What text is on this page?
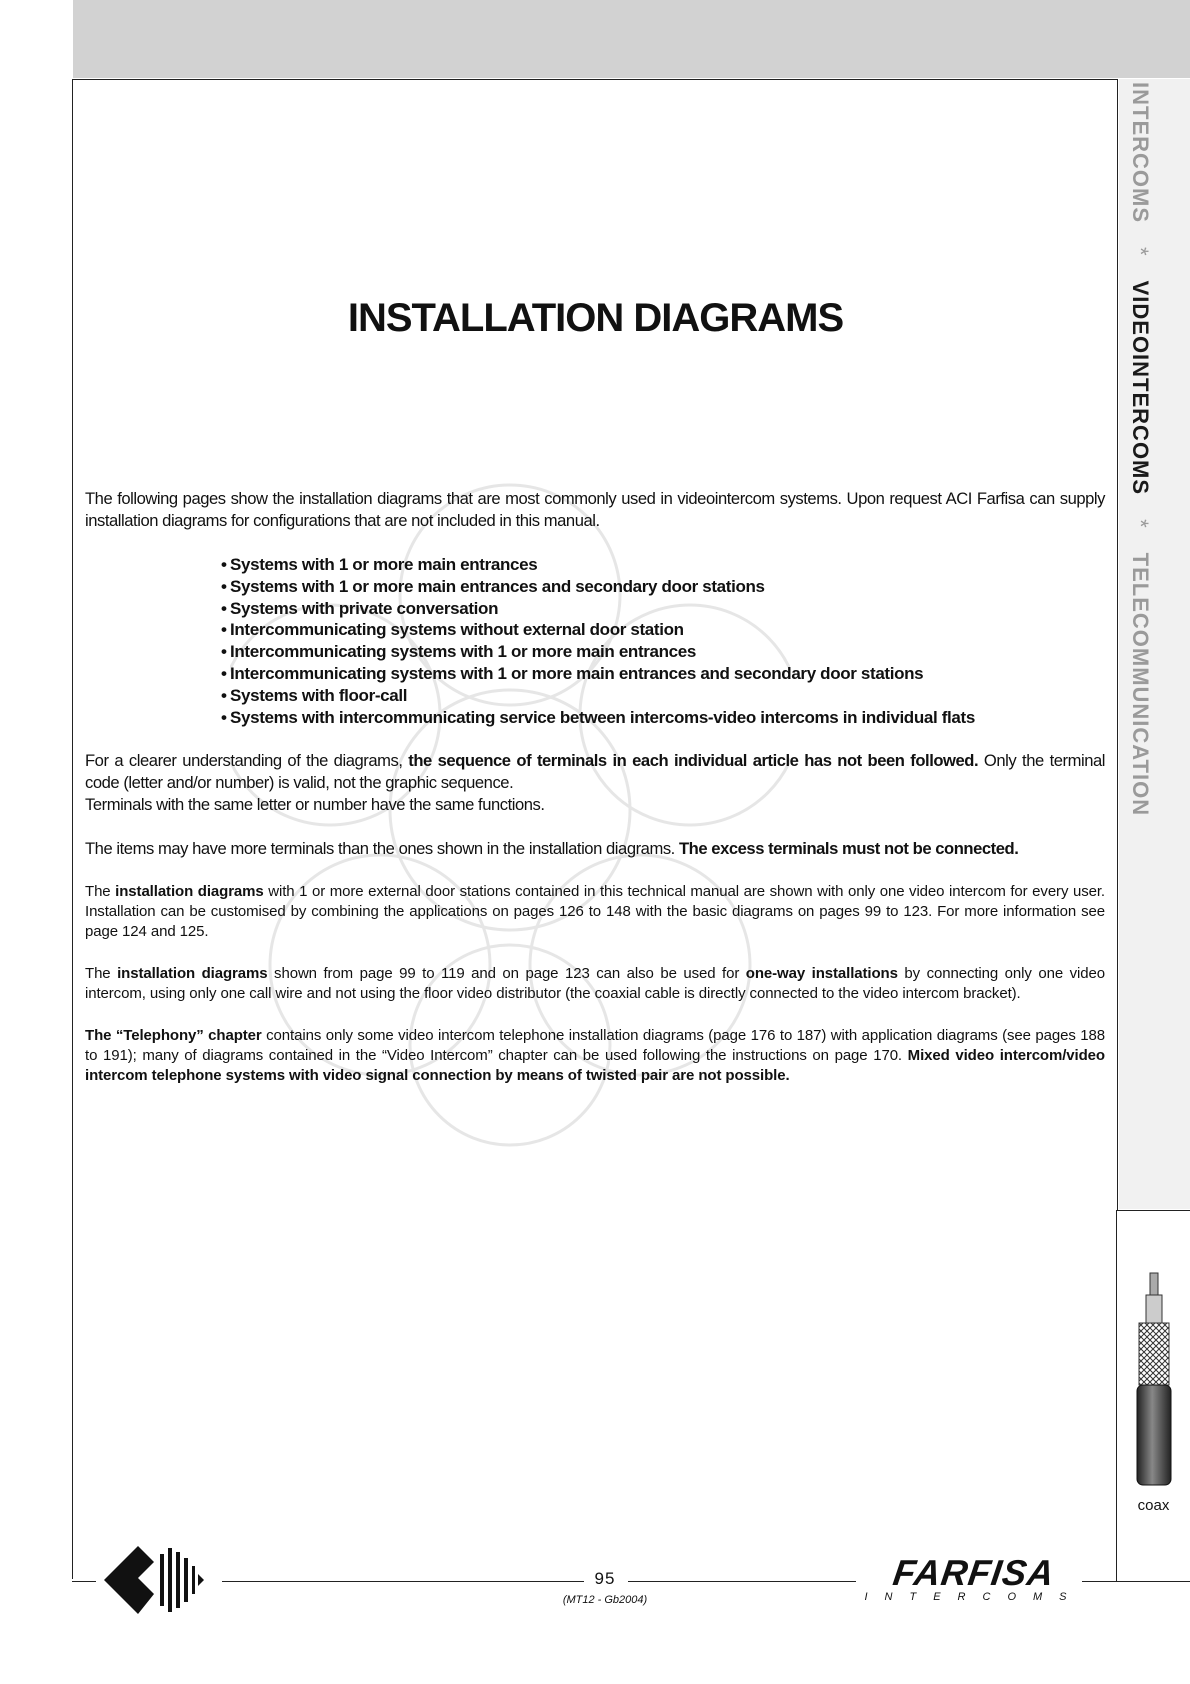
INTERCOMS*VIDEOINTERCOMS*TELECOMMUNICATION
INSTALLATION DIAGRAMS

The following pages show the installation diagrams that are most commonly used in videointercom systems. Upon request ACI Farfisa can supply installation diagrams for configurations that are not included in this manual.

• Systems with 1 or more main entrances
• Systems with 1 or more main entrances and secondary door stations
• Systems with private conversation
• Intercommunicating systems without external door station
• Intercommunicating systems with 1 or more main entrances
• Intercommunicating systems with 1 or more main entrances and secondary door stations
• Systems with floor-call
• Systems with intercommunicating service between intercoms-video intercoms in individual flats

For a clearer understanding of the diagrams, the sequence of terminals in each individual article has not been followed. Only the terminal code (letter and/or number) is valid, not the graphic sequence.
Terminals with the same letter or number have the same functions.

The items may have more terminals than the ones shown in the installation diagrams. The excess terminals must not be connected.

The installation diagrams with 1 or more external door stations contained in this technical manual are shown with only one video intercom for every user. Installation can be customised by combining the applications on pages 126 to 148 with the basic diagrams on pages 99 to 123. For more information see page 124 and 125.

The installation diagrams shown from page 99 to 119 and on page 123 can also be used for one-way installations by connecting only one video intercom, using only one call wire and not using the floor video distributor (the coaxial cable is directly connected to the video intercom bracket).

The “Telephony” chapter contains only some video intercom telephone installation diagrams (page 176 to 187) with application diagrams (see pages 188 to 191); many of diagrams contained in the “Video Intercom” chapter can be used following the instructions on page 170. Mixed video intercom/video intercom telephone systems with video signal connection by means of twisted pair are not possible.

coax
95
(MT12 - Gb2004)
FARFISA
INTERCOMS
